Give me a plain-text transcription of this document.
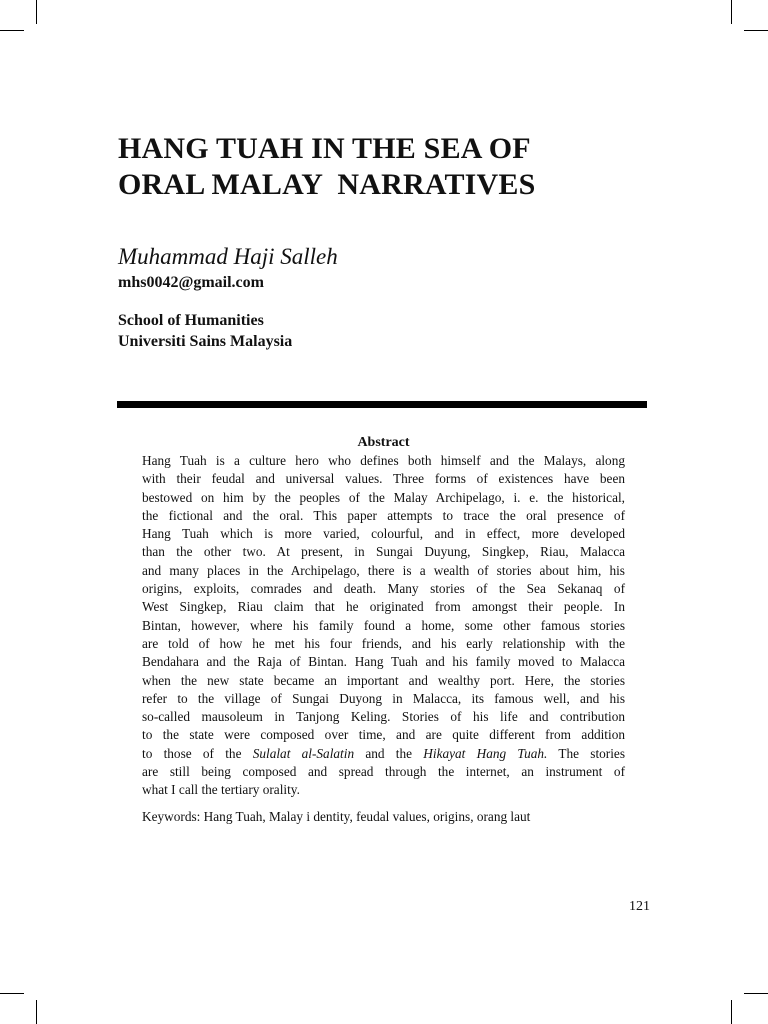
HANG TUAH IN THE SEA OF
ORAL MALAY  NARRATIVES
Muhammad Haji Salleh
mhs0042@gmail.com
School of Humanities
Universiti Sains Malaysia
Abstract
Hang Tuah is a culture hero who defines both himself and the Malays, along
with their feudal and universal values. Three forms of existences have been
bestowed on him by the peoples of the Malay Archipelago, i. e. the historical,
the fictional and the oral. This paper attempts to trace the oral presence of
Hang Tuah which is more varied, colourful, and in effect, more developed
than the other two. At present, in Sungai Duyung, Singkep, Riau, Malacca
and many places in the Archipelago, there is a wealth of stories about him, his
origins, exploits, comrades and death. Many stories of the Sea Sekanaq of
West Singkep, Riau claim that he originated from amongst their people. In
Bintan, however, where his family found a home, some other famous stories
are told of how he met his four friends, and his early relationship with the
Bendahara and the Raja of Bintan. Hang Tuah and his family moved to Malacca
when the new state became an important and wealthy port. Here, the stories
refer to the village of Sungai Duyong in Malacca, its famous well, and his
so-called mausoleum in Tanjong Keling. Stories of his life and contribution
to the state were composed over time, and are quite different from addition
to those of the Sulalat al-Salatin and the Hikayat Hang Tuah. The stories
are still being composed and spread through the internet, an instrument of
what I call the tertiary orality.
Keywords: Hang Tuah, Malay i dentity, feudal values, origins, orang laut
121
